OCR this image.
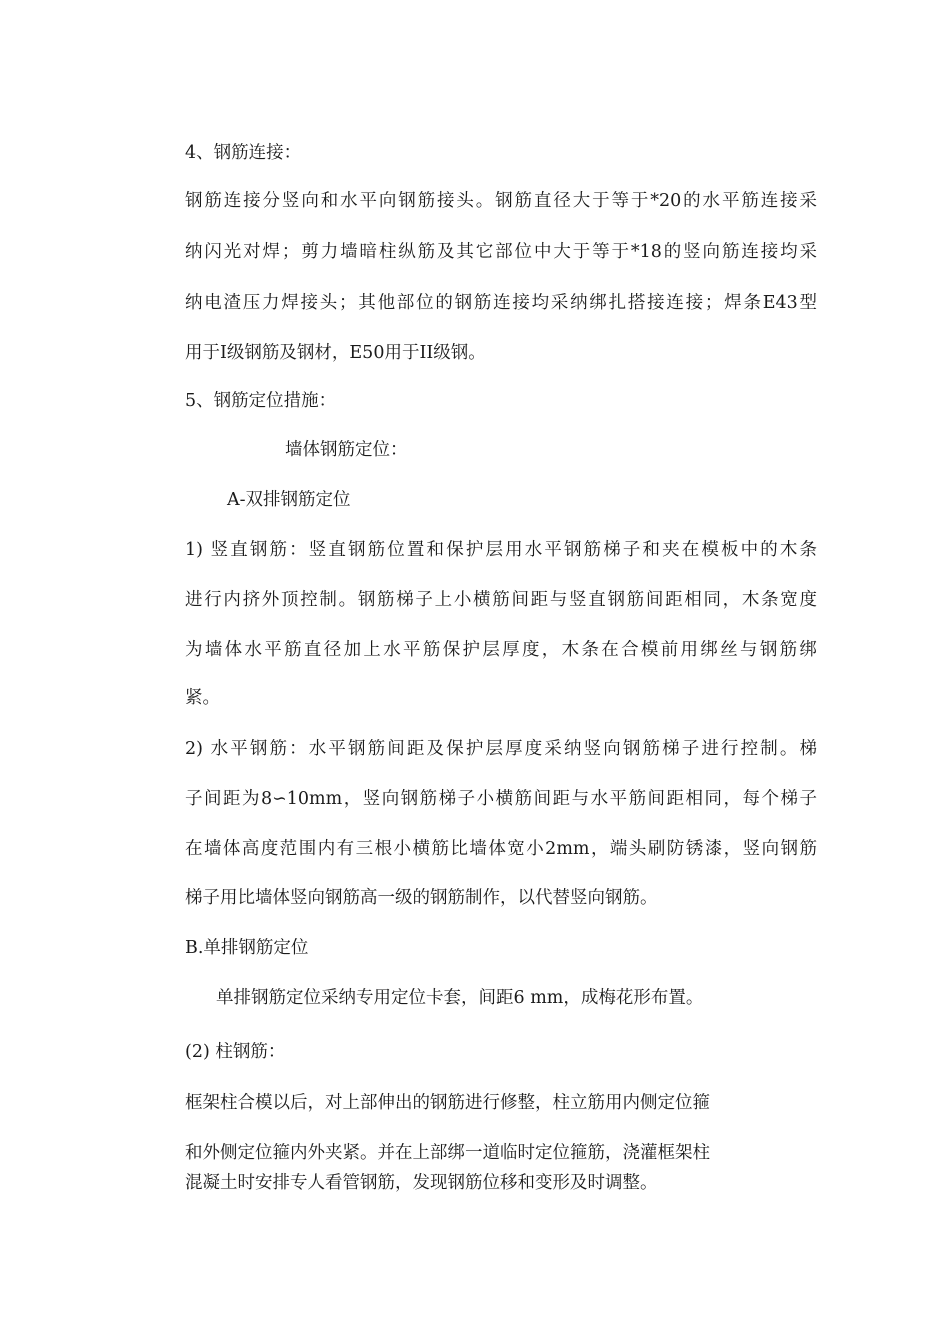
4、钢筋连接：

钢筋连接分竖向和水平向钢筋接头。钢筋直径大于等于*20的水平筋连接采

纳闪光对焊；剪力墙暗柱纵筋及其它部位中大于等于*18的竖向筋连接均采

纳电渣压力焊接头；其他部位的钢筋连接均采纳绑扎搭接连接；焊条E43型

用于Ⅰ级钢筋及钢材，E50用于II级钢。

5、钢筋定位措施：

墙体钢筋定位：

A-双排钢筋定位

1) 竖直钢筋：竖直钢筋位置和保护层用水平钢筋梯子和夹在模板中的木条

进行内挤外顶控制。钢筋梯子上小横筋间距与竖直钢筋间距相同，木条宽度

为墙体水平筋直径加上水平筋保护层厚度，木条在合模前用绑丝与钢筋绑

紧。

2) 水平钢筋：水平钢筋间距及保护层厚度采纳竖向钢筋梯子进行控制。梯

子间距为8∽10mm，竖向钢筋梯子小横筋间距与水平筋间距相同，每个梯子

在墙体高度范围内有三根小横筋比墙体宽小2mm，端头刷防锈漆，竖向钢筋

梯子用比墙体竖向钢筋高一级的钢筋制作，以代替竖向钢筋。

B.单排钢筋定位

单排钢筋定位采纳专用定位卡套，间距6 mm，成梅花形布置。

(2) 柱钢筋：

框架柱合模以后，对上部伸出的钢筋进行修整，柱立筋用内侧定位箍

和外侧定位箍内外夹紧。并在上部绑一道临时定位箍筋，浇灌框架柱

混凝土时安排专人看管钢筋，发现钢筋位移和变形及时调整。
